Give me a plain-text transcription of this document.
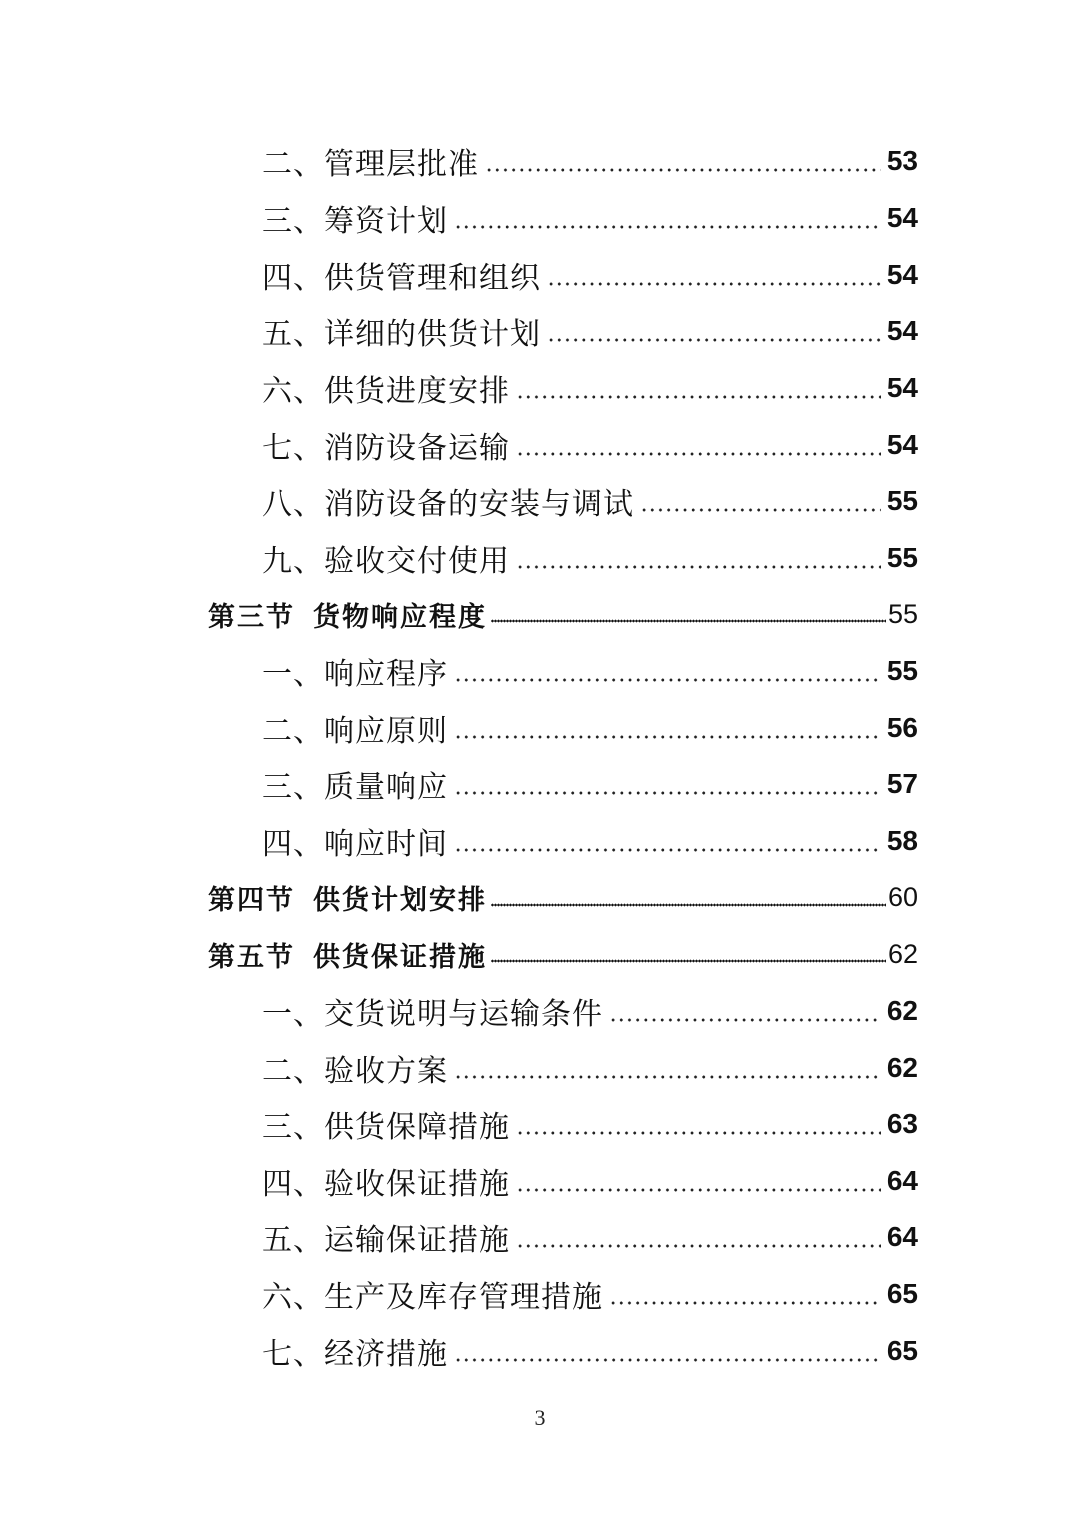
二、管理层批准	53
三、筹资计划	54
四、供货管理和组织	54
五、详细的供货计划	54
六、供货进度安排	54
七、消防设备运输	54
八、消防设备的安装与调试	55
九、验收交付使用	55
第三节 货物响应程度	55
一、响应程序	55
二、响应原则	56
三、质量响应	57
四、响应时间	58
第四节 供货计划安排	60
第五节 供货保证措施	62
一、交货说明与运输条件	62
二、验收方案	62
三、供货保障措施	63
四、验收保证措施	64
五、运输保证措施	64
六、生产及库存管理措施	65
七、经济措施	65
3
